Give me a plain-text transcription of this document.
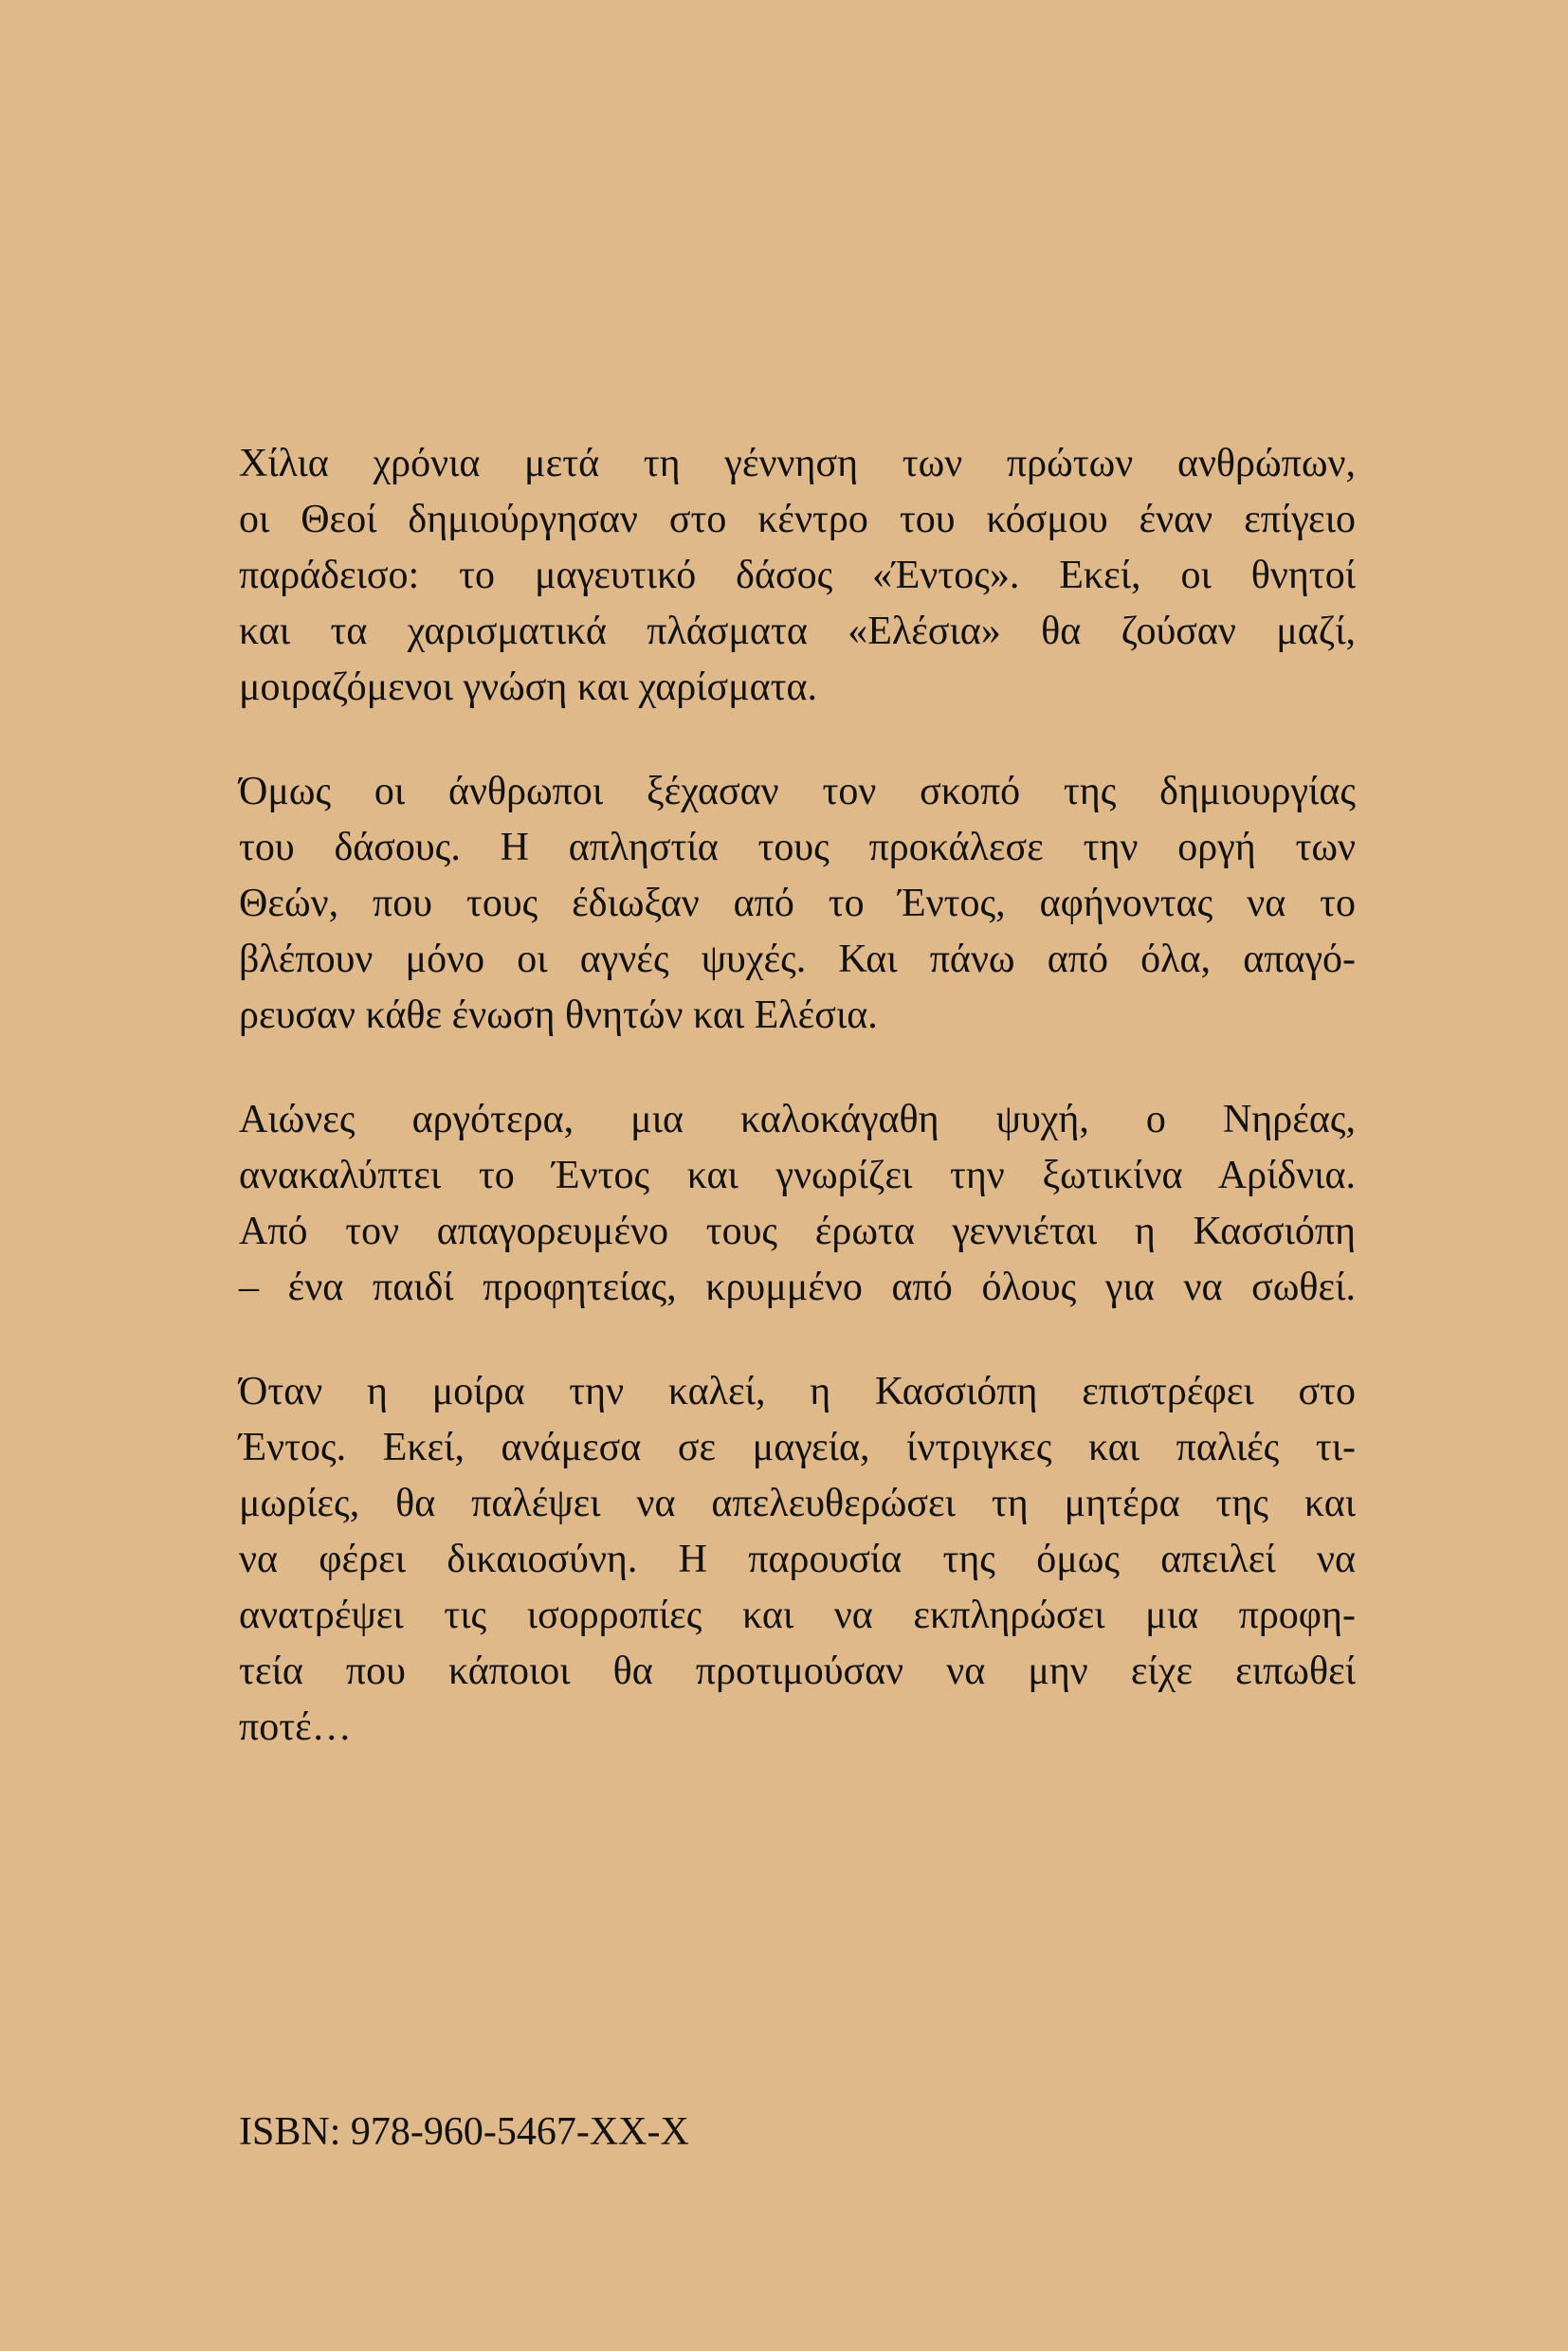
Χίλια χρόνια μετά τη γέννηση των πρώτων ανθρώπων,
οι Θεοί δημιούργησαν στο κέντρο του κόσμου έναν επίγειο
παράδεισο: το μαγευτικό δάσος «Έντος». Εκεί, οι θνητοί
και τα χαρισματικά πλάσματα «Ελέσια» θα ζούσαν μαζί,
μοιραζόμενοι γνώση και χαρίσματα.
Όμως οι άνθρωποι ξέχασαν τον σκοπό της δημιουργίας
του δάσους. Η απληστία τους προκάλεσε την οργή των
Θεών, που τους έδιωξαν από το Έντος, αφήνοντας να το
βλέπουν μόνο οι αγνές ψυχές. Και πάνω από όλα, απαγό-
ρευσαν κάθε ένωση θνητών και Ελέσια.
Αιώνες αργότερα, μια καλοκάγαθη ψυχή, ο Νηρέας,
ανακαλύπτει το Έντος και γνωρίζει την ξωτικίνα Αρίδνια.
Από τον απαγορευμένο τους έρωτα γεννιέται η Κασσιόπη
– ένα παιδί προφητείας, κρυμμένο από όλους για να σωθεί.
Όταν η μοίρα την καλεί, η Κασσιόπη επιστρέφει στο
Έντος. Εκεί, ανάμεσα σε μαγεία, ίντριγκες και παλιές τι-
μωρίες, θα παλέψει να απελευθερώσει τη μητέρα της και
να φέρει δικαιοσύνη. Η παρουσία της όμως απειλεί να
ανατρέψει τις ισορροπίες και να εκπληρώσει μια προφη-
τεία που κάποιοι θα προτιμούσαν να μην είχε ειπωθεί
ποτέ…
ISBN: 978-960-5467-XX-X
